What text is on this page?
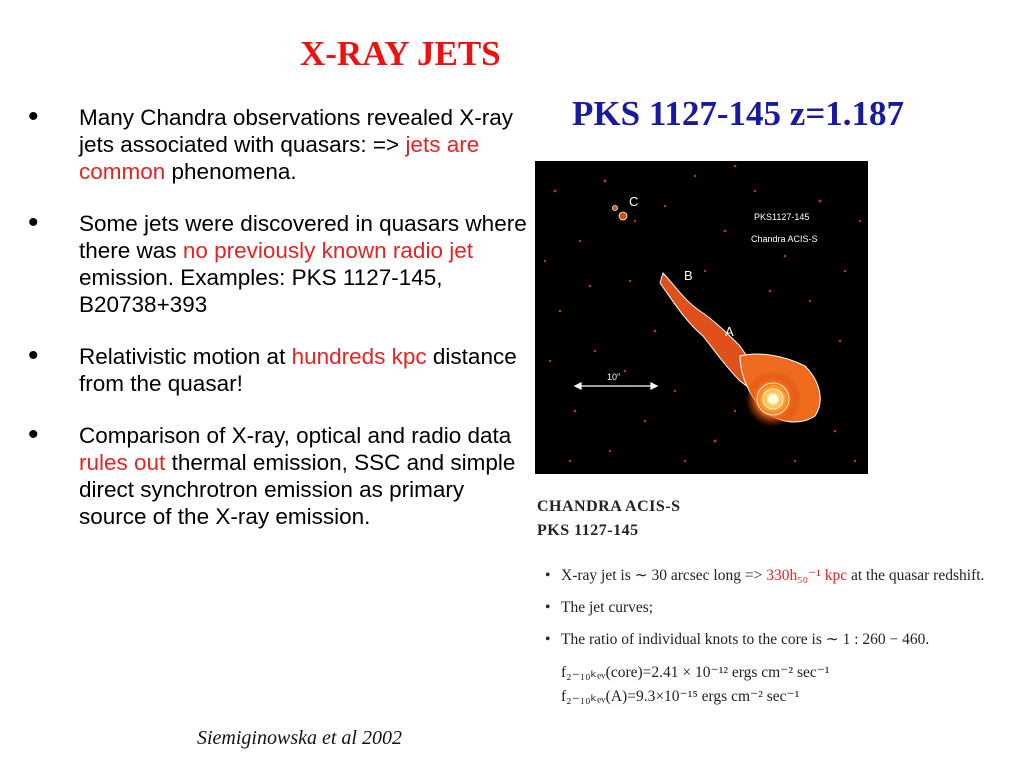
X-RAY JETS
PKS 1127-145 z=1.187
• Many Chandra observations revealed X-ray jets associated with quasars: => jets are common phenomena.
• Some jets were discovered in quasars where there was no previously known radio jet emission. Examples: PKS 1127-145, B20738+393
• Relativistic motion at hundreds kpc distance from the quasar!
• Comparison of X-ray, optical and radio data rules out thermal emission, SSC and simple direct synchrotron emission as primary source of the X-ray emission.
PKS1127-145
Chandra ACIS-S
C
B
A
10"
CHANDRA ACIS-S
PKS 1127-145
• X-ray jet is ∼ 30 arcsec long => 330h₅₀⁻¹ kpc at the quasar redshift.
• The jet curves;
• The ratio of individual knots to the core is ∼ 1 : 260 − 460.
f₂₋₁₀ₖₑᵥ(core)=2.41 × 10⁻¹² ergs cm⁻² sec⁻¹
f₂₋₁₀ₖₑᵥ(A)=9.3×10⁻¹⁵ ergs cm⁻² sec⁻¹
Siemiginowska et al 2002
